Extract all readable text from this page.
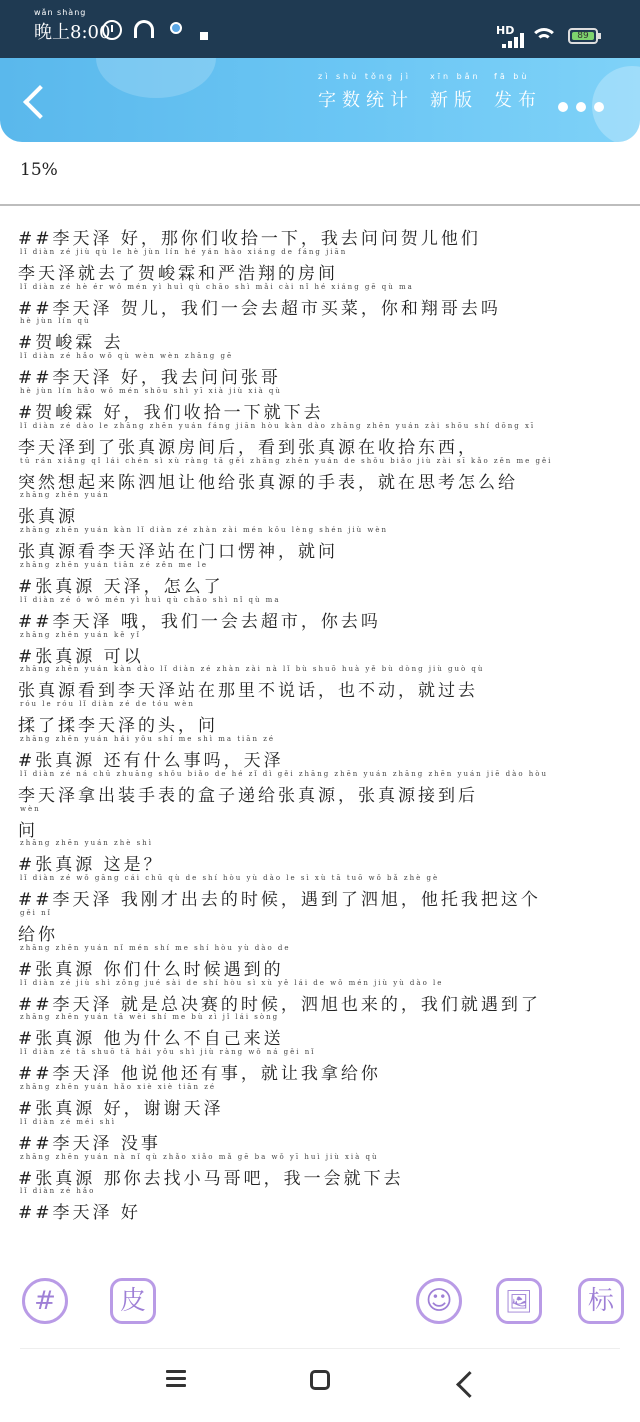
wǎn shàng
晚上8:00	HD	89
zì shù tǒng jì
字数统计
xīn bǎn
新版
fā bù
发布
15%
##李天泽 好，那你们收拾一下，我去问问贺儿他们
lǐ diàn zé jiù qù le hè jùn lín hé yán hào xiáng de fáng jiān
李天泽就去了贺峻霖和严浩翔的房间
lǐ diàn zé hè ér wǒ mén yì huì qù chāo shì mǎi cài nǐ hé xiáng gē qù ma
##李天泽 贺儿，我们一会去超市买菜，你和翔哥去吗
hè jùn lín qù
#贺峻霖 去
lǐ diàn zé hǎo wǒ qù wèn wèn zhāng gē
##李天泽 好，我去问问张哥
hè jùn lín hǎo wǒ mén shōu shì yī xià jiù xià qù
#贺峻霖 好，我们收拾一下就下去
lǐ diàn zé dào le zhāng zhēn yuán fáng jiān hòu kàn dào zhāng zhēn yuán zài shōu shí dōng xī
李天泽到了张真源房间后，看到张真源在收拾东西，
tū rán xiǎng qǐ lái chén sì xù ràng tā gěi zhāng zhēn yuán de shǒu biǎo jiù zài sī kǎo zěn me gěi
突然想起来陈泗旭让他给张真源的手表，就在思考怎么给
zhāng zhēn yuán
张真源
zhāng zhēn yuán kàn lǐ diàn zé zhàn zài mén kǒu lèng shén jiù wèn
张真源看李天泽站在门口愣神，就问
zhāng zhēn yuán tiān zé zěn me le
#张真源 天泽，怎么了
lǐ diàn zé ó wǒ mén yì huì qù chāo shì nǐ qù ma
##李天泽 哦，我们一会去超市，你去吗
zhāng zhēn yuán kě yǐ
#张真源 可以
zhāng zhēn yuán kàn dào lǐ diàn zé zhàn zài nà lǐ bù shuō huà yě bù dòng jiù guò qù
张真源看到李天泽站在那里不说话，也不动，就过去
róu le róu lǐ diàn zé de tóu wèn
揉了揉李天泽的头，问
zhāng zhēn yuán hái yǒu shí me shì ma tiān zé
#张真源 还有什么事吗，天泽
lǐ diàn zé ná chū zhuāng shǒu biǎo de hé zǐ dì gěi zhāng zhēn yuán zhāng zhēn yuán jiē dào hòu
李天泽拿出装手表的盒子递给张真源，张真源接到后
wèn
问
zhāng zhēn yuán zhè shì
#张真源 这是？
lǐ diàn zé wǒ gāng cái chū qù de shí hòu yù dào le sì xù tā tuō wǒ bǎ zhè gè
##李天泽 我刚才出去的时候，遇到了泗旭，他托我把这个
gěi nǐ
给你
zhāng zhēn yuán nǐ mén shí me shí hòu yù dào de
#张真源 你们什么时候遇到的
lǐ diàn zé jiù shì zǒng jué sài de shí hòu sì xù yě lái de wǒ mén jiù yù dào le
##李天泽 就是总决赛的时候，泗旭也来的，我们就遇到了
zhāng zhēn yuán tā wèi shí me bù zì jǐ lái sòng
#张真源 他为什么不自己来送
lǐ diàn zé tā shuō tā hái yǒu shì jiù ràng wǒ ná gěi nǐ
##李天泽 他说他还有事，就让我拿给你
zhāng zhēn yuán hǎo xiè xiè tiān zé
#张真源 好，谢谢天泽
lǐ diàn zé méi shì
##李天泽 没事
zhāng zhēn yuán nà nǐ qù zhǎo xiǎo mǎ gē ba wǒ yī huì jiù xià qù
#张真源 那你去找小马哥吧，我一会就下去
lǐ diàn zé hǎo
##李天泽 好
#	皮	☺	🖼	标
